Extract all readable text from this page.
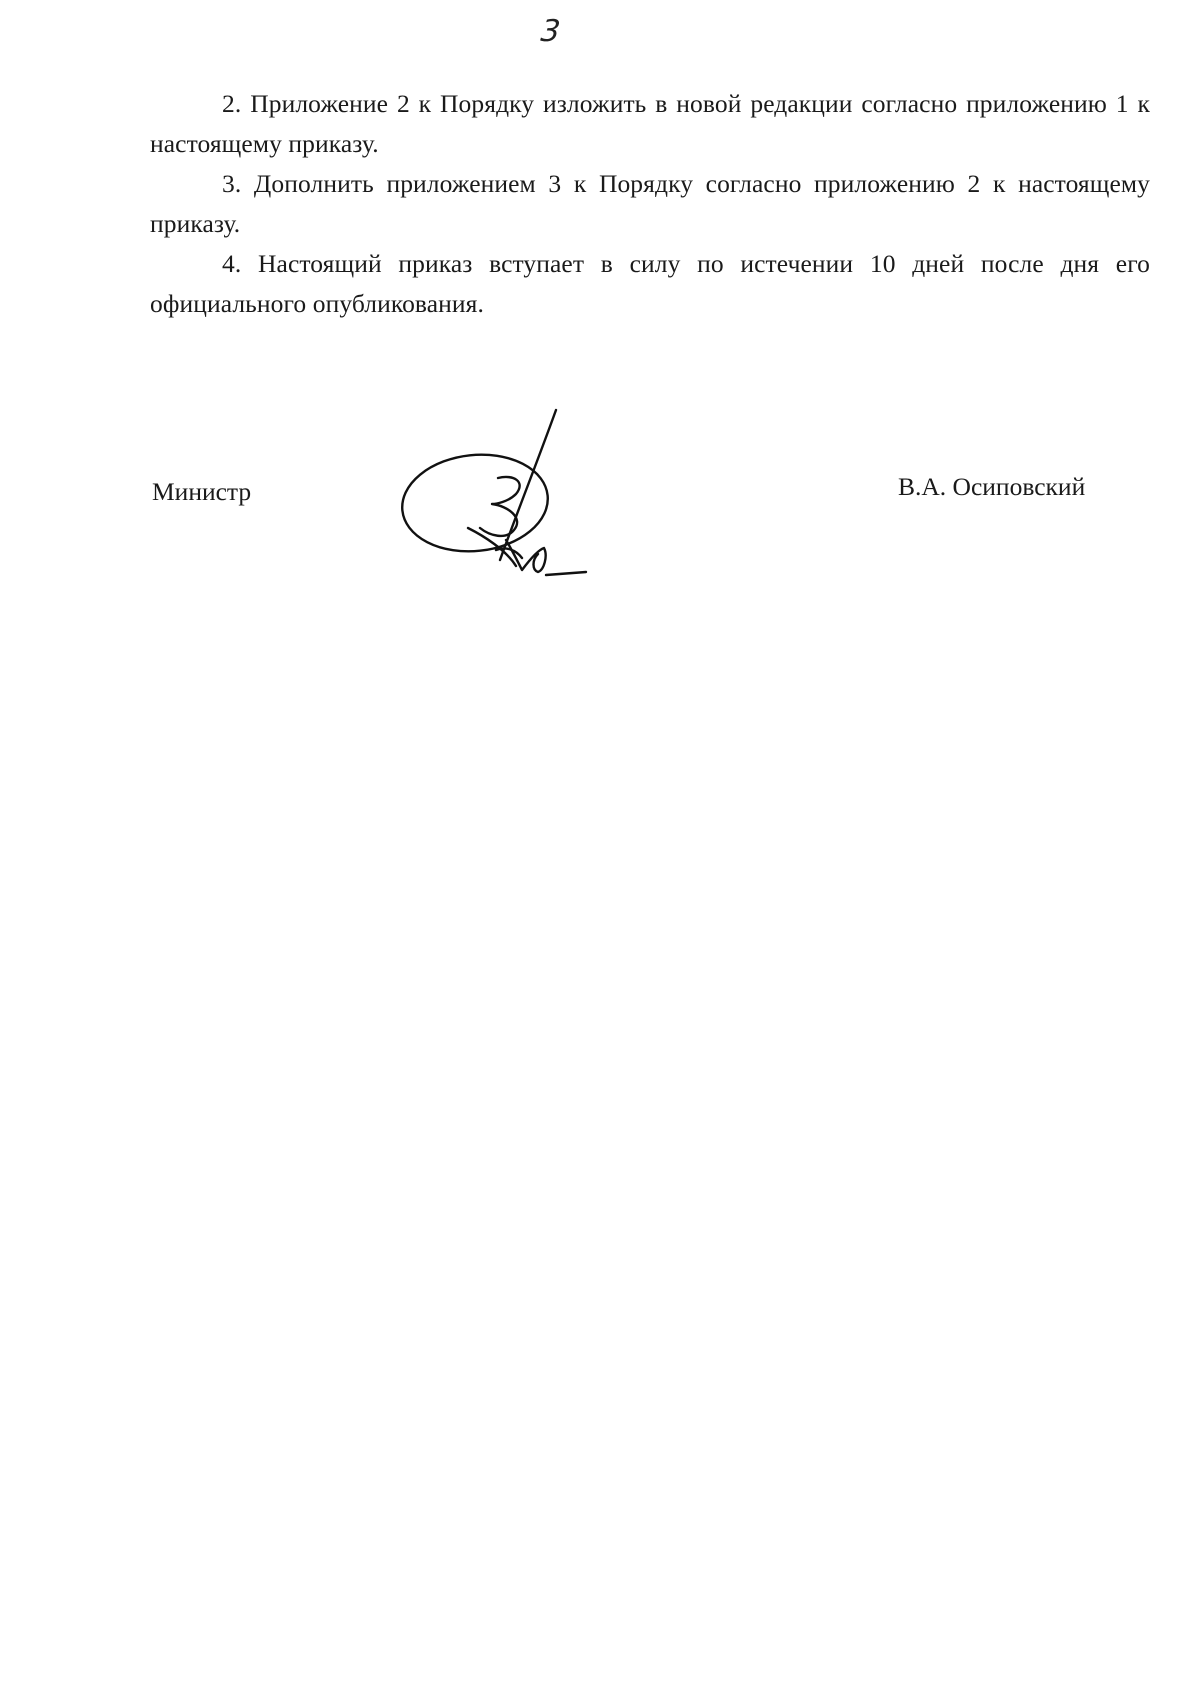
3

2. Приложение 2 к Порядку изложить в новой редакции согласно приложению 1 к настоящему приказу.

3. Дополнить приложением 3 к Порядку согласно приложению 2 к настоящему приказу.

4. Настоящий приказ вступает в силу по истечении 10 дней после дня его официального опубликования.

Министр	В.А. Осиповский
